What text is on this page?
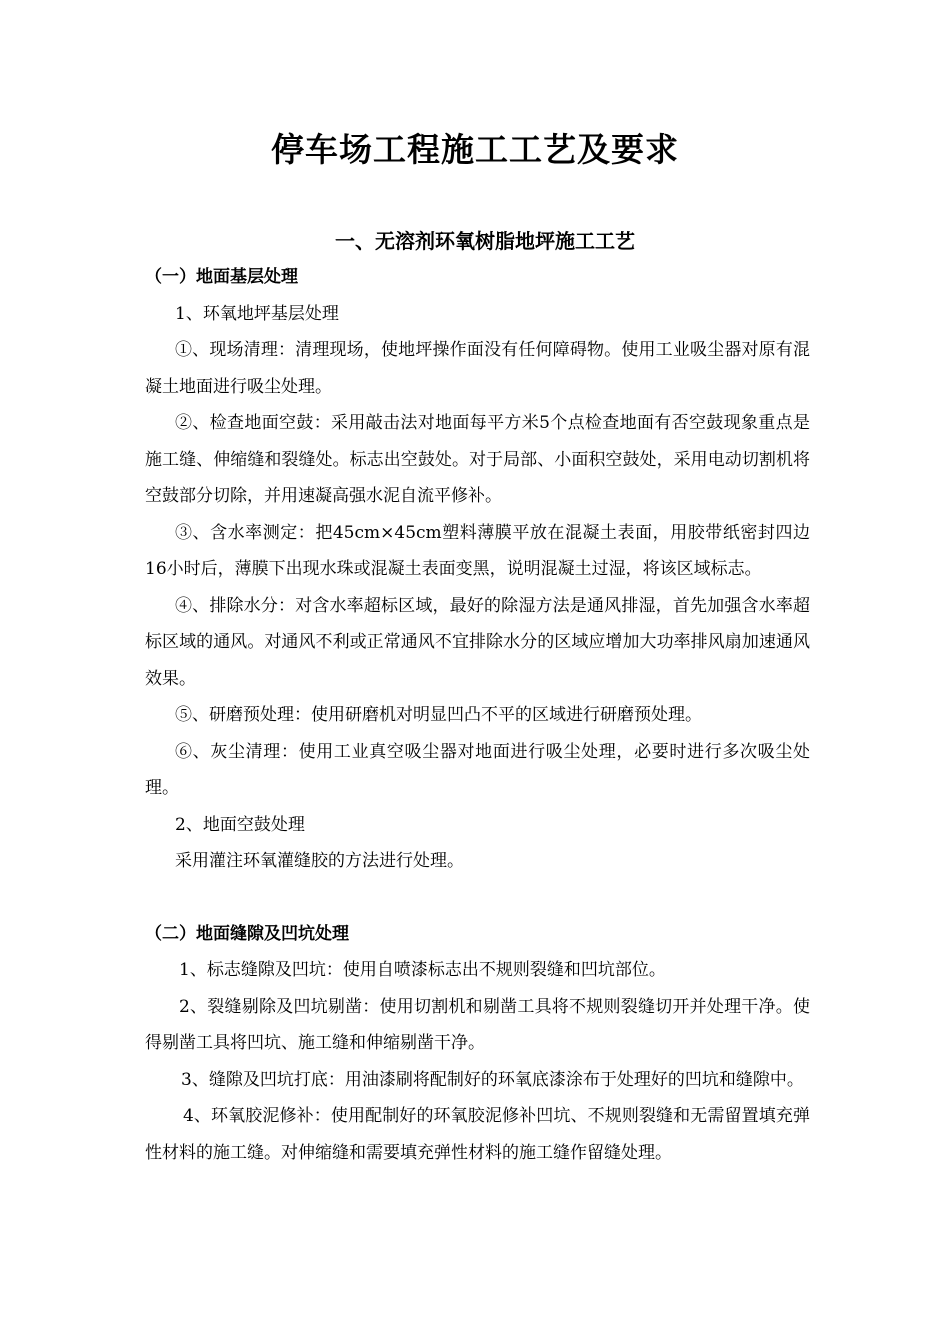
停车场工程施工工艺及要求
一、无溶剂环氧树脂地坪施工工艺

（一）地面基层处理

1、环氧地坪基层处理

①、现场清理：清理现场，使地坪操作面没有任何障碍物。使用工业吸尘器对原有混凝土地面进行吸尘处理。

②、检查地面空鼓：采用敲击法对地面每平方米5个点检查地面有否空鼓现象重点是施工缝、伸缩缝和裂缝处。标志出空鼓处。对于局部、小面积空鼓处，采用电动切割机将空鼓部分切除，并用速凝高强水泥自流平修补。

③、含水率测定：把45cm×45cm塑料薄膜平放在混凝土表面，用胶带纸密封四边16小时后，薄膜下出现水珠或混凝土表面变黑，说明混凝土过湿，将该区域标志。

④、排除水分：对含水率超标区域，最好的除湿方法是通风排湿，首先加强含水率超标区域的通风。对通风不利或正常通风不宜排除水分的区域应增加大功率排风扇加速通风效果。

⑤、研磨预处理：使用研磨机对明显凹凸不平的区域进行研磨预处理。

⑥、灰尘清理：使用工业真空吸尘器对地面进行吸尘处理，必要时进行多次吸尘处理。

2、地面空鼓处理

采用灌注环氧灌缝胶的方法进行处理。

（二）地面缝隙及凹坑处理

1、标志缝隙及凹坑：使用自喷漆标志出不规则裂缝和凹坑部位。

2、裂缝剔除及凹坑剔凿：使用切割机和剔凿工具将不规则裂缝切开并处理干净。使得剔凿工具将凹坑、施工缝和伸缩剔凿干净。

3、缝隙及凹坑打底：用油漆刷将配制好的环氧底漆涂布于处理好的凹坑和缝隙中。

4、环氧胶泥修补：使用配制好的环氧胶泥修补凹坑、不规则裂缝和无需留置填充弹性材料的施工缝。对伸缩缝和需要填充弹性材料的施工缝作留缝处理。
